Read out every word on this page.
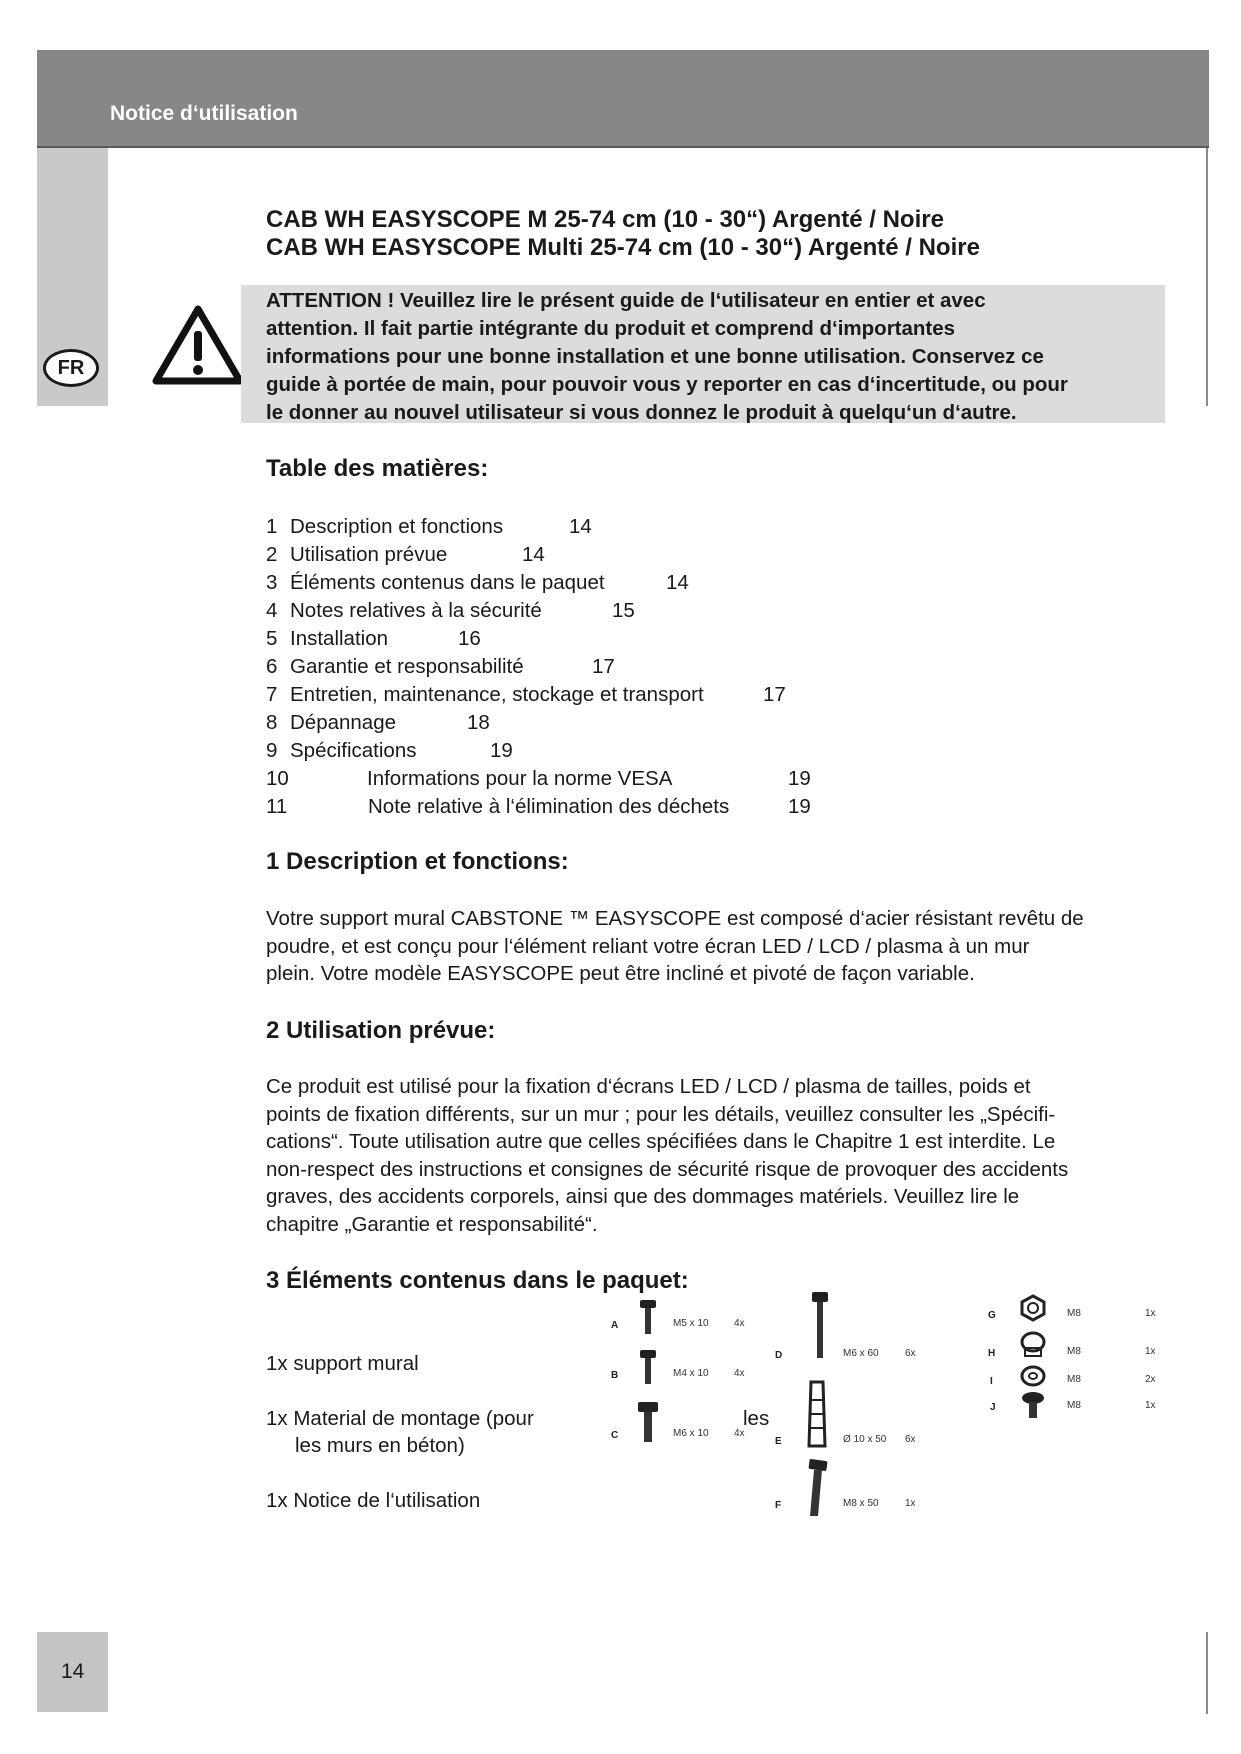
Notice d‘utilisation
FR
14
CAB WH EASYSCOPE M 25-74 cm (10 - 30“) Argenté / Noire
CAB WH EASYSCOPE Multi 25-74 cm (10 - 30“) Argenté / Noire
ATTENTION ! Veuillez lire le présent guide de l‘utilisateur en entier et avec
attention. Il fait partie intégrante du produit et comprend d‘importantes
informations pour une bonne installation et une bonne utilisation. Conservez ce
guide à portée de main, pour pouvoir vous y reporter en cas d‘incertitude, ou pour
le donner au nouvel utilisateur si vous donnez le produit à quelqu‘un d‘autre.
Table des matières:
1 Description et fonctions	14
2 Utilisation prévue	14
3 Éléments contenus dans le paquet	14
4 Notes relatives à la sécurité	15
5 Installation	16
6 Garantie et responsabilité	17
7 Entretien, maintenance, stockage et transport	17
8 Dépannage	18
9 Spécifications	19
10	Informations pour la norme VESA	19
11	Note relative à l‘élimination des déchets	19
1 Description et fonctions:
Votre support mural CABSTONE ™ EASYSCOPE est composé d‘acier résistant revêtu de
poudre, et est conçu pour l‘élément reliant votre écran LED / LCD / plasma à un mur
plein. Votre modèle EASYSCOPE peut être incliné et pivoté de façon variable.
2 Utilisation prévue:
Ce produit est utilisé pour la fixation d‘écrans LED / LCD / plasma de tailles, poids et
points de fixation différents, sur un mur ; pour les détails, veuillez consulter les „Spécifi-
cations“. Toute utilisation autre que celles spécifiées dans le Chapitre 1 est interdite. Le
non-respect des instructions et consignes de sécurité risque de provoquer des accidents
graves, des accidents corporels, ainsi que des dommages matériels. Veuillez lire le
chapitre „Garantie et responsabilité“.
3 Éléments contenus dans le paquet:
1x support mural
1x Material de montage (pour	les
les murs en béton)
1x Notice de l‘utilisation
A	M5 x 10	4x
B	M4 x 10	4x
C	M6 x 10	4x
D	M6 x 60	6x
E	Ø 10 x 50 6x
F	M8 x 50	1x
G	M8	1x
H	M8	1x
I	M8	2x
J	M8	1x
